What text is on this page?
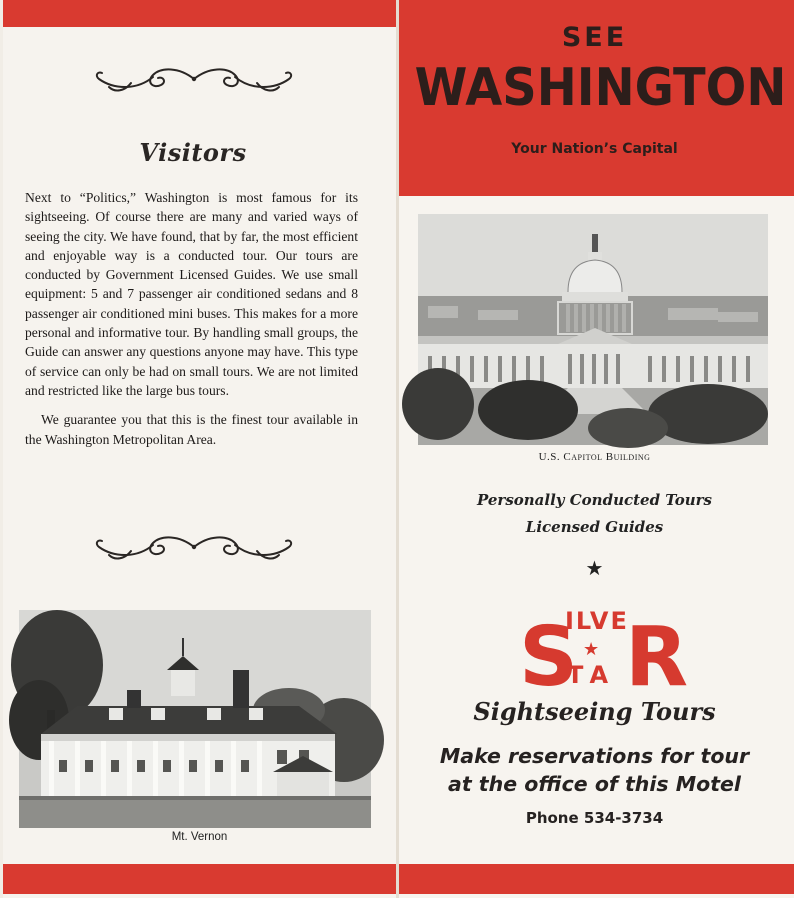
Visitors

Next to “Politics,” Washington is most famous for its sightseeing. Of course there are many and varied ways of seeing the city. We have found, that by far, the most efficient and enjoyable way is a conducted tour. Our tours are conducted by Government Licensed Guides. We use small equipment: 5 and 7 passenger air conditioned sedans and 8 passenger air conditioned mini buses. This makes for a more personal and informative tour. By handling small groups, the Guide can answer any questions anyone may have. This type of service can only be had on small tours. We are not limited and restricted like the large bus tours.

We guarantee you that this is the finest tour available in the Washington Metropolitan Area.

Mt. Vernon
SEE
WASHINGTON
Your Nation’s Capital
U.S. Capitol Building
Personally Conducted Tours
Licensed Guides
★
S
ILVE
★
TA R
Sightseeing Tours
Make reservations for tour
at the office of this Motel
Phone 534-3734
